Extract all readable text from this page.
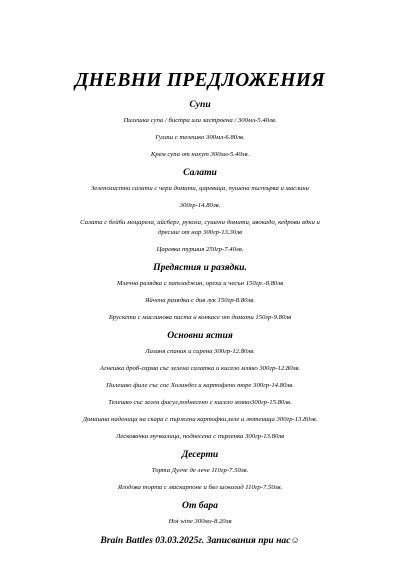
ДНЕВНИ ПРЕДЛОЖЕНИЯ
Супи
Пилешка супа / бистра или застроена / 300мл-5.40лв.
Гулаш с телешко 300мл-6.80лв.
Крем супа от нахут 300мл-5.40лв.
Салати
Зеленолистни салати с чери домати, царевица, пушена пъстърва и маслини
300гр-14.80лв.
Салата с бейби моцарела, айсберг, рукола, сушени домати, авокадо, кедрови ядки и
дресинг от нар 300гр-13.30лв
Царевка туршия 250гр-7.40лв.
Предястия и разядки.
Млечна разядка с патладжан, орехи и чесън 150гр.-8.80лв
Яйчена разядка с див лук 150гр-8.80лв.
Брускети с маслинова паста и конкасе от домати 150гр-9.80лв
Основни ястия
Лазаня спанак и сирена 300гр-12.80лв.
Агнешка дроб-сарма със зелена салатка и кисело мляко 300гр-12.80лв.
Пилешко филе със сос Холандез и картофено пюре 300гр-14.80лв.
Телешко със зелен фасул,поднесено с кисело мляко300гр-15.80лв.
Домашна наденица на скара с пържени картофки,зеле и лютеница 300гр-13.80лв.
Лесковачка мучкалица, поднесена с пърленка 300гр-13.80лв
Десерти
Торта Дулче де лече 110гр-7.50лв.
Ягодова торта с маскарпоне и бял шоколад 110гр-7.50лв.
От бара
Hot wine 300мл-8.20лв
Brain Battles 03.03.2025г. Записвания при нас☺
